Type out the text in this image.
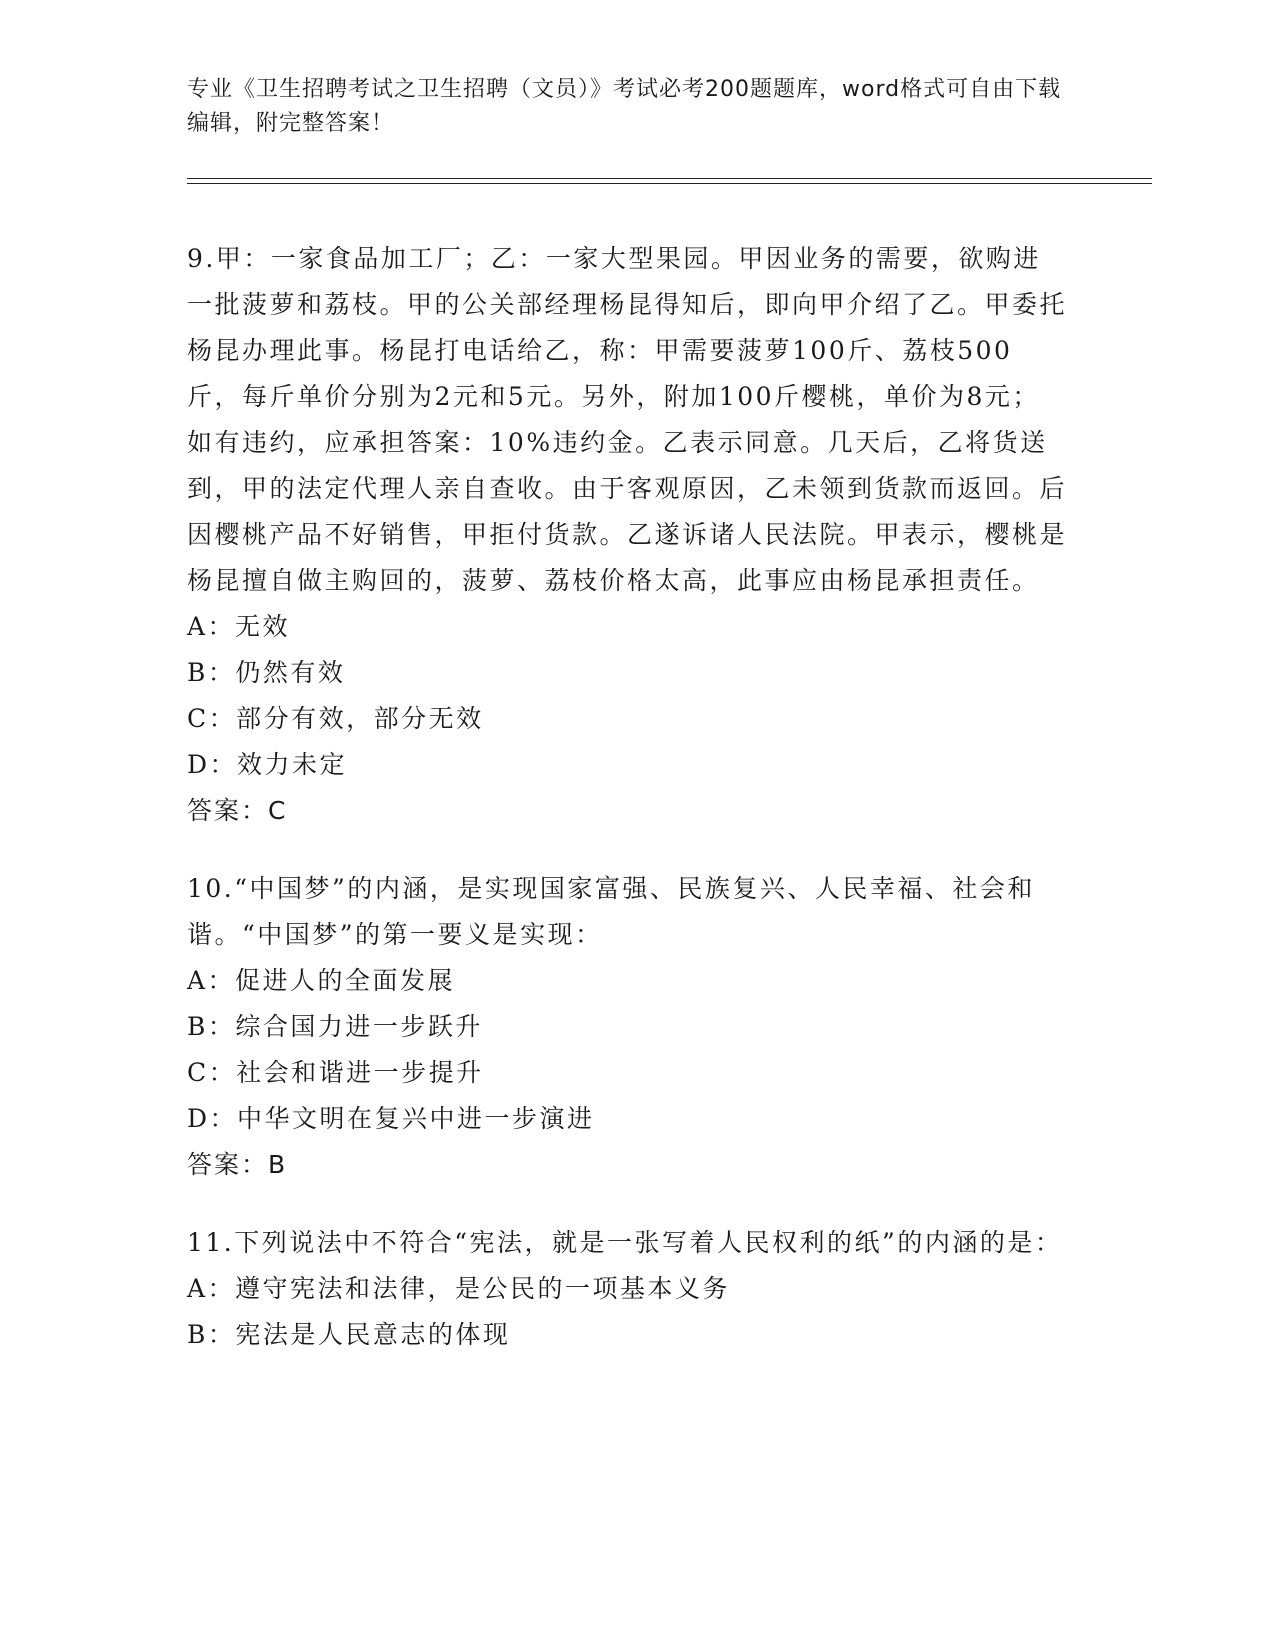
专业《卫生招聘考试之卫生招聘（文员）》考试必考200题题库，word格式可自由下载编辑，附完整答案！

9.甲：一家食品加工厂；乙：一家大型果园。甲因业务的需要，欲购进一批菠萝和荔枝。甲的公关部经理杨昆得知后，即向甲介绍了乙。甲委托杨昆办理此事。杨昆打电话给乙，称：甲需要菠萝100斤、荔枝500斤，每斤单价分别为2元和5元。另外，附加100斤樱桃，单价为8元；如有违约，应承担答案：10%违约金。乙表示同意。几天后，乙将货送到，甲的法定代理人亲自查收。由于客观原因，乙未领到货款而返回。后因樱桃产品不好销售，甲拒付货款。乙遂诉诸人民法院。甲表示，樱桃是杨昆擅自做主购回的，菠萝、荔枝价格太高，此事应由杨昆承担责任。

A：无效

B：仍然有效

C：部分有效，部分无效

D：效力未定

答案：C

10.“中国梦”的内涵，是实现国家富强、民族复兴、人民幸福、社会和谐。“中国梦”的第一要义是实现：

A：促进人的全面发展

B：综合国力进一步跃升

C：社会和谐进一步提升

D：中华文明在复兴中进一步演进

答案：B

11.下列说法中不符合“宪法，就是一张写着人民权利的纸”的内涵的是：

A：遵守宪法和法律，是公民的一项基本义务

B：宪法是人民意志的体现
